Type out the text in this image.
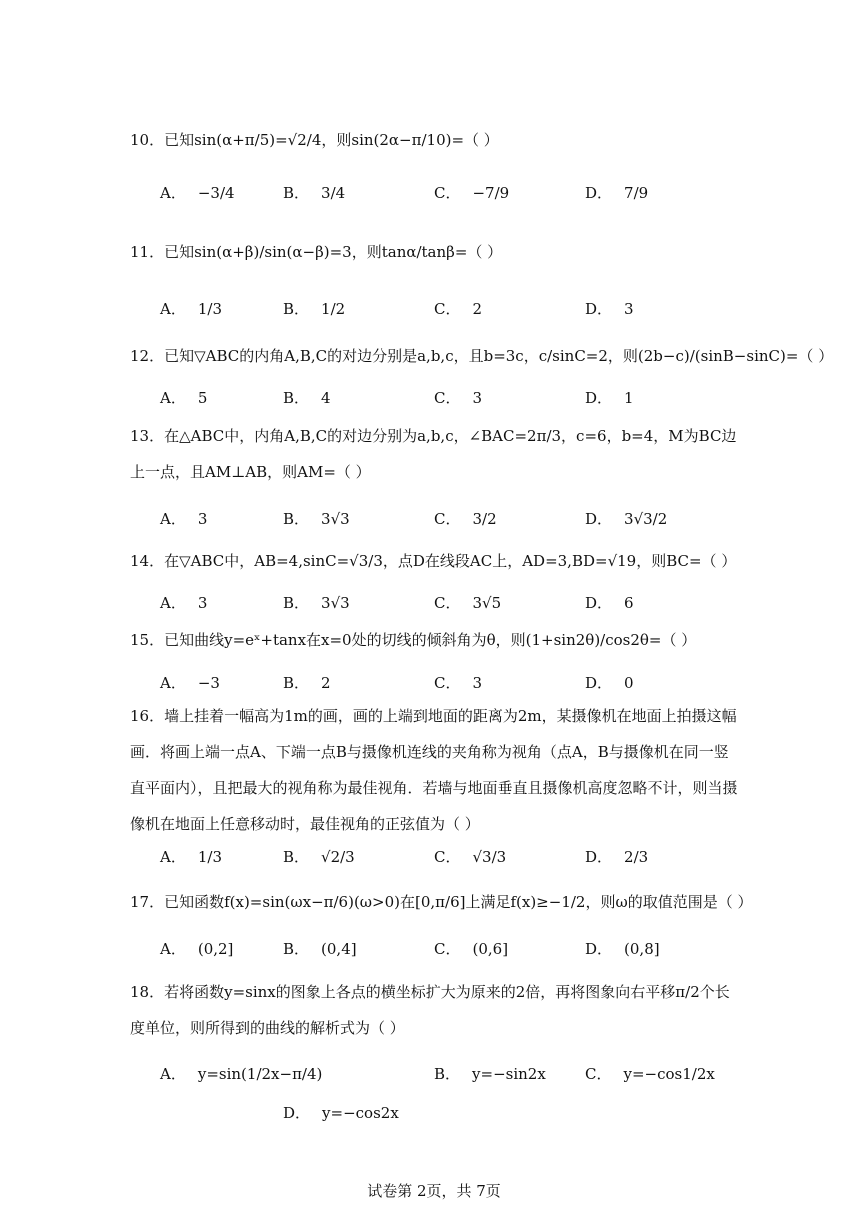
10．已知sin(α+π/5)=√2/4，则sin(2α−π/10)=（ ）
A． −3/4	B． 3/4	C． −7/9	D． 7/9
11．已知sin(α+β)/sin(α−β)=3，则tanα/tanβ=（ ）
A． 1/3	B． 1/2	C． 2	D． 3
12．已知▽ABC的内角A,B,C的对边分别是a,b,c，且b=3c，c/sinC=2，则(2b−c)/(sinB−sinC)=（ ）
A． 5	B． 4	C． 3	D． 1
13．在△ABC中，内角A,B,C的对边分别为a,b,c，∠BAC=2π/3，c=6，b=4，M为BC边上一点，且AM⊥AB，则AM=（ ）
A． 3	B． 3√3	C． 3/2	D． 3√3/2
14．在▽ABC中，AB=4,sinC=√3/3，点D在线段AC上，AD=3,BD=√19，则BC=（ ）
A． 3	B． 3√3	C． 3√5	D． 6
15．已知曲线y=eˣ+tanx在x=0处的切线的倾斜角为θ，则(1+sin2θ)/cos2θ=（ ）
A． −3	B． 2	C． 3	D． 0
16．墙上挂着一幅高为1m的画，画的上端到地面的距离为2m，某摄像机在地面上拍摄这幅画．将画上端一点A、下端一点B与摄像机连线的夹角称为视角（点A，B与摄像机在同一竖直平面内），且把最大的视角称为最佳视角．若墙与地面垂直且摄像机高度忽略不计，则当摄像机在地面上任意移动时，最佳视角的正弦值为（ ）
A． 1/3	B． √2/3	C． √3/3	D． 2/3
17．已知函数f(x)=sin(ωx−π/6)(ω>0)在[0,π/6]上满足f(x)≥−1/2，则ω的取值范围是（ ）
A． (0,2]	B． (0,4]	C． (0,6]	D． (0,8]
18．若将函数y=sinx的图象上各点的横坐标扩大为原来的2倍，再将图象向右平移π/2个长度单位，则所得到的曲线的解析式为（ ）
A． y=sin(1/2x−π/4)	B． y=−sin2x	C． y=−cos1/2x
D． y=−cos2x
试卷第 2页，共 7页
